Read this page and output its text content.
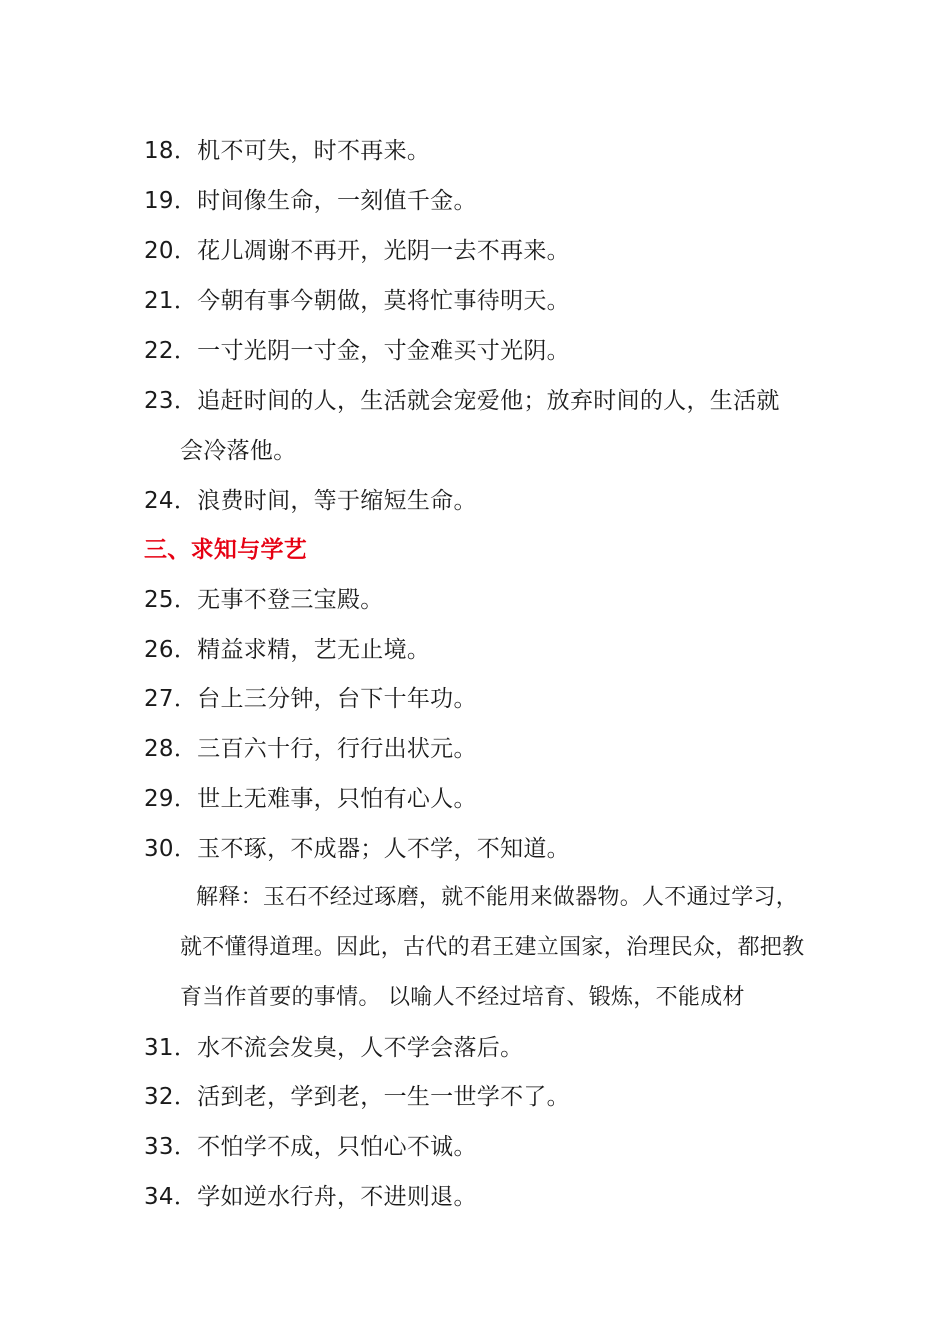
18．机不可失，时不再来。
19．时间像生命，一刻值千金。
20．花儿凋谢不再开，光阴一去不再来。
21．今朝有事今朝做，莫将忙事待明天。
22．一寸光阴一寸金，寸金难买寸光阴。
23．追赶时间的人，生活就会宠爱他；放弃时间的人，生活就
会冷落他。
24．浪费时间，等于缩短生命。
三、求知与学艺
25．无事不登三宝殿。
26．精益求精，艺无止境。
27．台上三分钟，台下十年功。
28．三百六十行，行行出状元。
29．世上无难事，只怕有心人。
30．玉不琢，不成器；人不学，不知道。
解释：玉石不经过琢磨，就不能用来做器物。人不通过学习，
就不懂得道理。因此，古代的君王建立国家，治理民众，都把教
育当作首要的事情。 以喻人不经过培育、锻炼，不能成材
31．水不流会发臭，人不学会落后。
32．活到老，学到老，一生一世学不了。
33．不怕学不成，只怕心不诚。
34．学如逆水行舟，不进则退。
